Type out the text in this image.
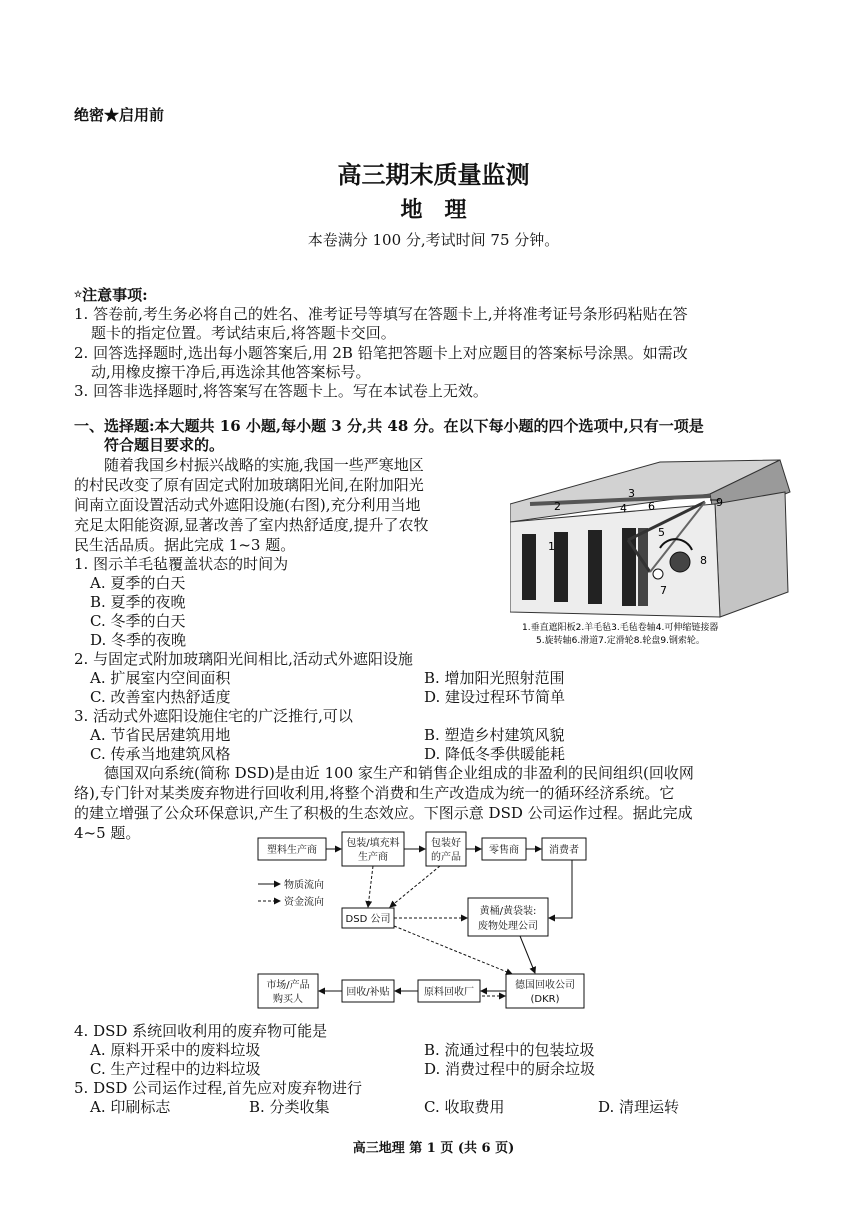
绝密★启用前
高三期末质量监测
地　理
本卷满分 100 分,考试时间 75 分钟。
☆注意事项:
1. 答卷前,考生务必将自己的姓名、准考证号等填写在答题卡上,并将准考证号条形码粘贴在答
题卡的指定位置。考试结束后,将答题卡交回。
2. 回答选择题时,选出每小题答案后,用 2B 铅笔把答题卡上对应题目的答案标号涂黑。如需改
动,用橡皮擦干净后,再选涂其他答案标号。
3. 回答非选择题时,将答案写在答题卡上。写在本试卷上无效。
一、选择题:本大题共 16 小题,每小题 3 分,共 48 分。在以下每小题的四个选项中,只有一项是
符合题目要求的。
随着我国乡村振兴战略的实施,我国一些严寒地区
的村民改变了原有固定式附加玻璃阳光间,在附加阳光
间南立面设置活动式外遮阳设施(右图),充分利用当地
充足太阳能资源,显著改善了室内热舒适度,提升了农牧
民生活品质。据此完成 1~3 题。	1
2
3
4
5
6
7
8
9
1.垂直遮阳板2.羊毛毡3.毛毡卷轴4.可伸缩链接器
5.旋转轴6.滑道7.定滑轮8.轮盘9.钢索轮。
1. 图示羊毛毡覆盖状态的时间为
A. 夏季的白天
B. 夏季的夜晚
C. 冬季的白天
D. 冬季的夜晚
2. 与固定式附加玻璃阳光间相比,活动式外遮阳设施
A. 扩展室内空间面积	B. 增加阳光照射范围
C. 改善室内热舒适度	D. 建设过程环节简单
3. 活动式外遮阳设施住宅的广泛推行,可以
A. 节省民居建筑用地	B. 塑造乡村建筑风貌
C. 传承当地建筑风格	D. 降低冬季供暖能耗
德国双向系统(简称 DSD)是由近 100 家生产和销售企业组成的非盈利的民间组织(回收网
络),专门针对某类废弃物进行回收利用,将整个消费和生产改造成为统一的循环经济系统。它
的建立增强了公众环保意识,产生了积极的生态效应。下图示意 DSD 公司运作过程。据此完成
4~5 题。
塑料生产商
包装/填充料
生产商
包装好
的产品
零售商	消费者
物质流向
资金流向
DSD 公司
黄桶/黄袋装:
废物处理公司
市场/产品
购买人
回收/补贴	原料回收厂
德国回收公司
(DKR)
4. DSD 系统回收利用的废弃物可能是
A. 原料开采中的废料垃圾	B. 流通过程中的包装垃圾
C. 生产过程中的边料垃圾	D. 消费过程中的厨余垃圾
5. DSD 公司运作过程,首先应对废弃物进行
A. 印刷标志	B. 分类收集	C. 收取费用	D. 清理运转
高三地理 第 1 页 (共 6 页)
